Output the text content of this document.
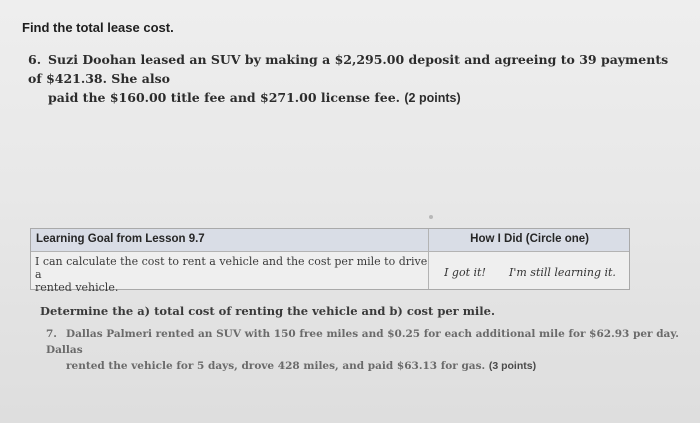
Find the total lease cost.
6. Suzi Doohan leased an SUV by making a $2,295.00 deposit and agreeing to 39 payments of $421.38. She also
paid the $160.00 title fee and $271.00 license fee. (2 points)
Learning Goal from Lesson 9.7	How I Did (Circle one)
I can calculate the cost to rent a vehicle and the cost per mile to drive a
rented vehicle.
I got it!	I'm still learning it.
Determine the a) total cost of renting the vehicle and b) cost per mile.
7. Dallas Palmeri rented an SUV with 150 free miles and $0.25 for each additional mile for $62.93 per day. Dallas
rented the vehicle for 5 days, drove 428 miles, and paid $63.13 for gas. (3 points)
